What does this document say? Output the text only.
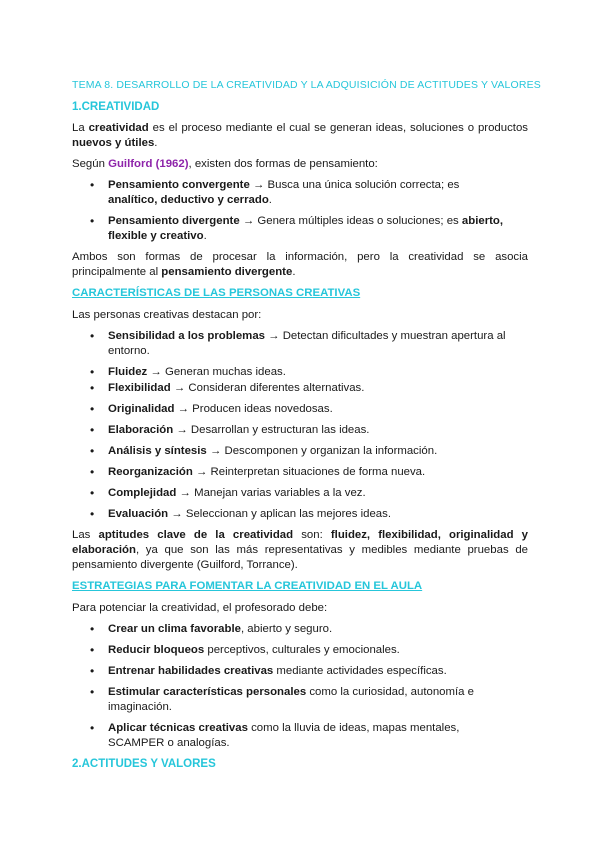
TEMA 8. DESARROLLO DE LA CREATIVIDAD Y LA ADQUISICIÓN DE ACTITUDES Y VALORES
1.CREATIVIDAD

La creatividad es el proceso mediante el cual se generan ideas, soluciones o productos nuevos y útiles.

Según Guilford (1962), existen dos formas de pensamiento:

• Pensamiento convergente → Busca una única solución correcta; es analítico, deductivo y cerrado.
• Pensamiento divergente → Genera múltiples ideas o soluciones; es abierto, flexible y creativo.

Ambos son formas de procesar la información, pero la creatividad se asocia principalmente al pensamiento divergente.

CARACTERÍSTICAS DE LAS PERSONAS CREATIVAS

Las personas creativas destacan por:

• Sensibilidad a los problemas → Detectan dificultades y muestran apertura al entorno.
• Fluidez → Generan muchas ideas.
• Flexibilidad → Consideran diferentes alternativas.
• Originalidad → Producen ideas novedosas.
• Elaboración → Desarrollan y estructuran las ideas.
• Análisis y síntesis → Descomponen y organizan la información.
• Reorganización → Reinterpretan situaciones de forma nueva.
• Complejidad → Manejan varias variables a la vez.
• Evaluación → Seleccionan y aplican las mejores ideas.

Las aptitudes clave de la creatividad son: fluidez, flexibilidad, originalidad y elaboración, ya que son las más representativas y medibles mediante pruebas de pensamiento divergente (Guilford, Torrance).

ESTRATEGIAS PARA FOMENTAR LA CREATIVIDAD EN EL AULA

Para potenciar la creatividad, el profesorado debe:

• Crear un clima favorable, abierto y seguro.
• Reducir bloqueos perceptivos, culturales y emocionales.
• Entrenar habilidades creativas mediante actividades específicas.
• Estimular características personales como la curiosidad, autonomía e imaginación.
• Aplicar técnicas creativas como la lluvia de ideas, mapas mentales, SCAMPER o analogías.
2.ACTITUDES Y VALORES
